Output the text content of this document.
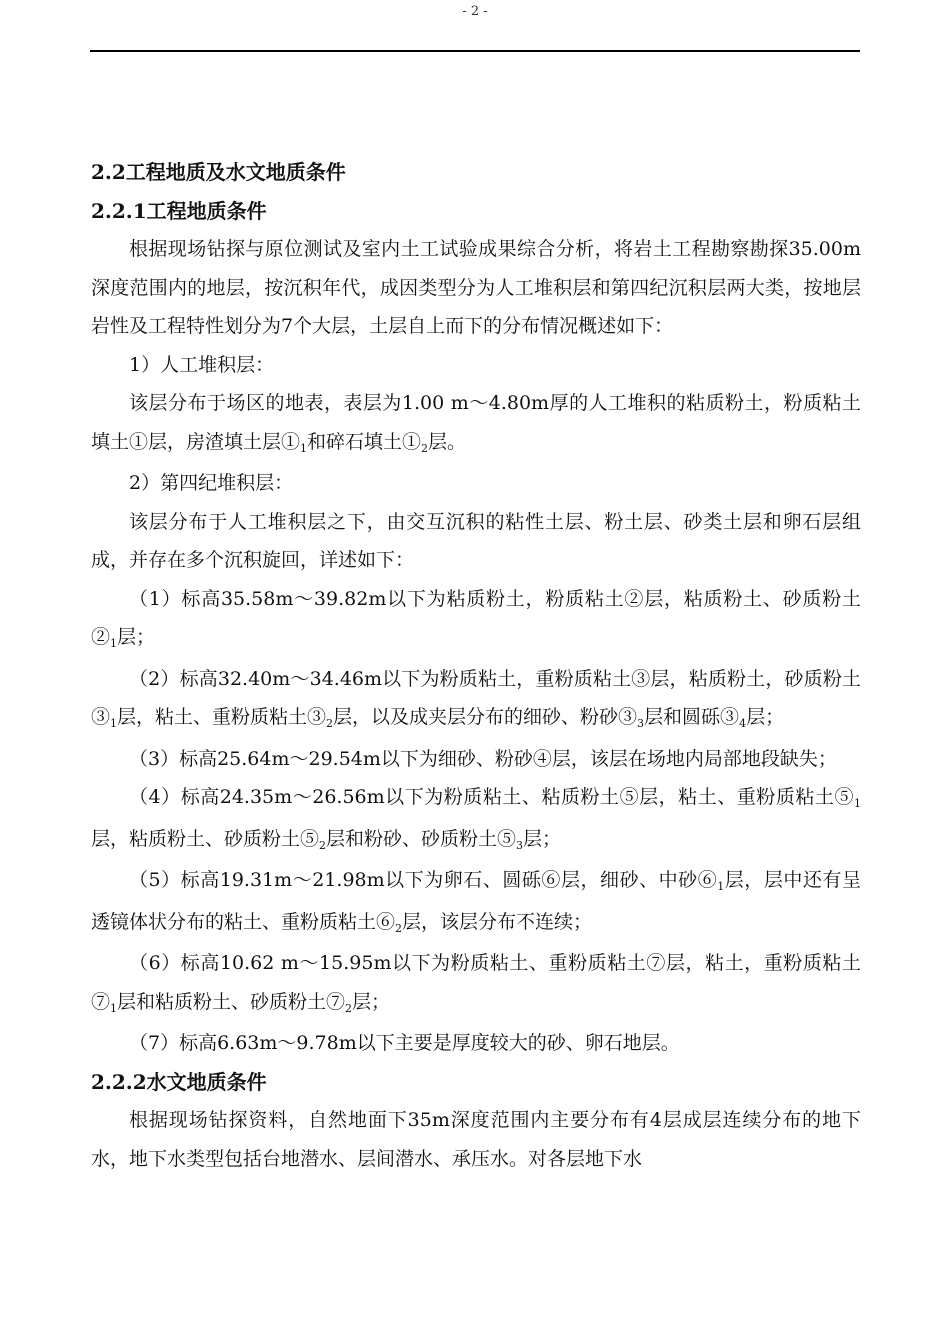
- 2 -
2.2工程地质及水文地质条件
2.2.1工程地质条件
根据现场钻探与原位测试及室内土工试验成果综合分析，将岩土工程勘察勘探35.00m深度范围内的地层，按沉积年代，成因类型分为人工堆积层和第四纪沉积层两大类，按地层岩性及工程特性划分为7个大层，土层自上而下的分布情况概述如下：
1）人工堆积层：
该层分布于场区的地表，表层为1.00 m～4.80m厚的人工堆积的粘质粉土，粉质粘土填土①层，房渣填土层$①_1$和碎石填土$①_2$层。
2）第四纪堆积层：
该层分布于人工堆积层之下，由交互沉积的粘性土层、粉土层、砂类土层和卵石层组成，并存在多个沉积旋回，详述如下：
（1）标高35.58m～39.82m以下为粘质粉土，粉质粘土②层，粘质粉土、砂质粉土$②_1$层；
（2）标高32.40m～34.46m以下为粉质粘土，重粉质粘土③层，粘质粉土，砂质粉土$③_1$层，粘土、重粉质粘土$③_2$层，以及成夹层分布的细砂、粉砂$③_3$层和圆砾$③_4$层；
（3）标高25.64m～29.54m以下为细砂、粉砂④层，该层在场地内局部地段缺失；
（4）标高24.35m～26.56m以下为粉质粘土、粘质粉土⑤层，粘土、重粉质粘土$⑤_1$层，粘质粉土、砂质粉土$⑤_2$层和粉砂、砂质粉土$⑤_3$层；
（5）标高19.31m～21.98m以下为卵石、圆砾⑥层，细砂、中砂$⑥_1$层，层中还有呈透镜体状分布的粘土、重粉质粘土$⑥_2$层，该层分布不连续；
（6）标高10.62 m～15.95m以下为粉质粘土、重粉质粘土⑦层，粘土，重粉质粘土$⑦_1$层和粘质粉土、砂质粉土$⑦_2$层；
（7）标高6.63m～9.78m以下主要是厚度较大的砂、卵石地层。
2.2.2水文地质条件
根据现场钻探资料，自然地面下35m深度范围内主要分布有4层成层连续分布的地下水，地下水类型包括台地潜水、层间潜水、承压水。对各层地下水
